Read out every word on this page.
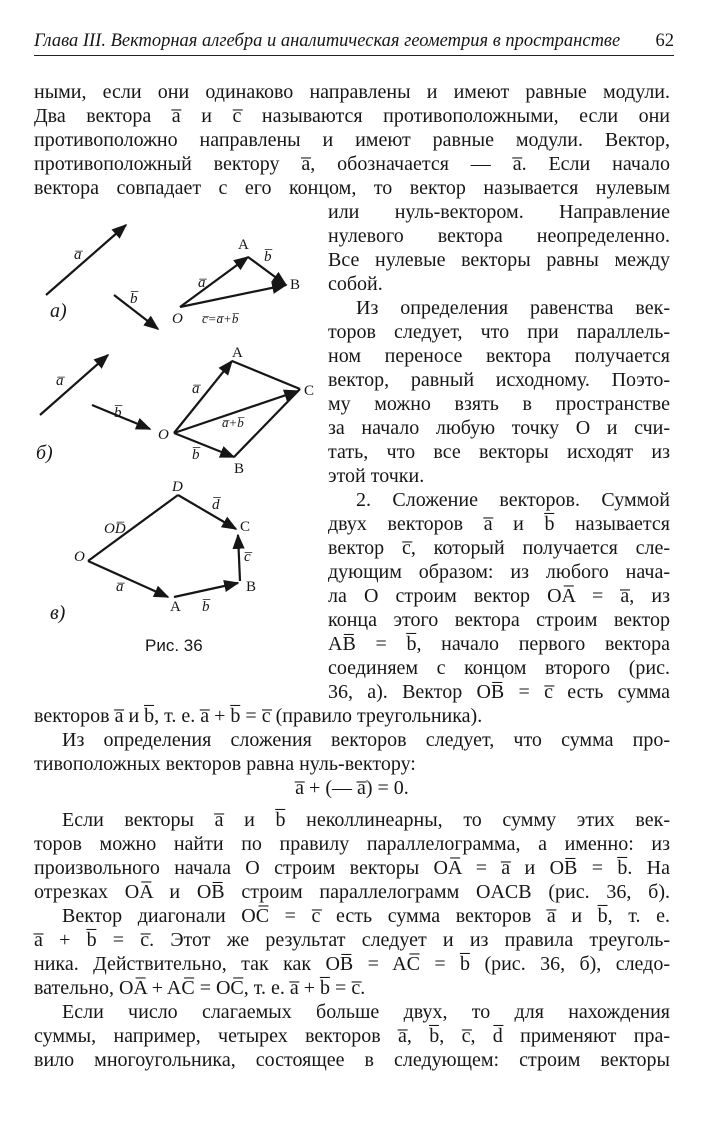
Глава III. Векторная алгебра и аналитическая геометрия в пространстве 62
ными, если они одинаково направлены и имеют равные модули.
Два вектора a̅ и c̅ называются противоположными, если они
противоположно направлены и имеют равные модули. Вектор,
противоположный вектору a̅, обозначается — a̅. Если начало
вектора совпадает с его концом, то вектор называется нулевым
или нуль-вектором. Направление
нулевого вектора неопределенно.
Все нулевые векторы равны между
собой.
Из определения равенства век-
торов следует, что при параллель-
ном переносе вектора получается
вектор, равный исходному. Поэто-
му можно взять в пространстве
за начало любую точку O и счи-
тать, что все векторы исходят из
этой точки.
2. Сложение векторов. Суммой
двух векторов a̅ и b̅ называется
вектор c̅, который получается сле-
дующим образом: из любого нача-
ла O строим вектор OA̅ = a̅, из
конца этого вектора строим вектор
AB̅ = b̅, начало первого вектора
соединяем с концом второго (рис.
36, а). Вектор OB̅ = c̅ есть сумма
векторов a̅ и b̅, т. е. a̅ + b̅ = c̅ (правило треугольника).
Из определения сложения векторов следует, что сумма про-
тивоположных векторов равна нуль-вектору:
a̅ + (— a̅) = 0.
Если векторы a̅ и b̅ неколлинеарны, то сумму этих век-
торов можно найти по правилу параллелограмма, а именно: из
произвольного начала O строим векторы OA̅ = a̅ и OB̅ = b̅. На
отрезках OA̅ и OB̅ строим параллелограмм OACB (рис. 36, б).
Вектор диагонали OC̅ = c̅ есть сумма векторов a̅ и b̅, т. е.
a̅ + b̅ = c̅. Этот же результат следует и из правила треуголь-
ника. Действительно, так как OB̅ = AC̅ = b̅ (рис. 36, б), следо-
вательно, OA̅ + AC̅ = OC̅, т. е. a̅ + b̅ = c̅.
Если число слагаемых больше двух, то для нахождения
суммы, например, четырех векторов a̅, b̅, c̅, d̅ применяют пра-
вило многоугольника, состоящее в следующем: строим векторы
a̅
b̅
A
a̅
b̅
B
O c̅=a̅+b̅
а)
a̅
b̅
A
a̅	C
a̅+b̅
O
b̅
B
б)
D
d̅
OD̅	C
O	c̅
a̅	B
A b̅
в)
Рис. 36
